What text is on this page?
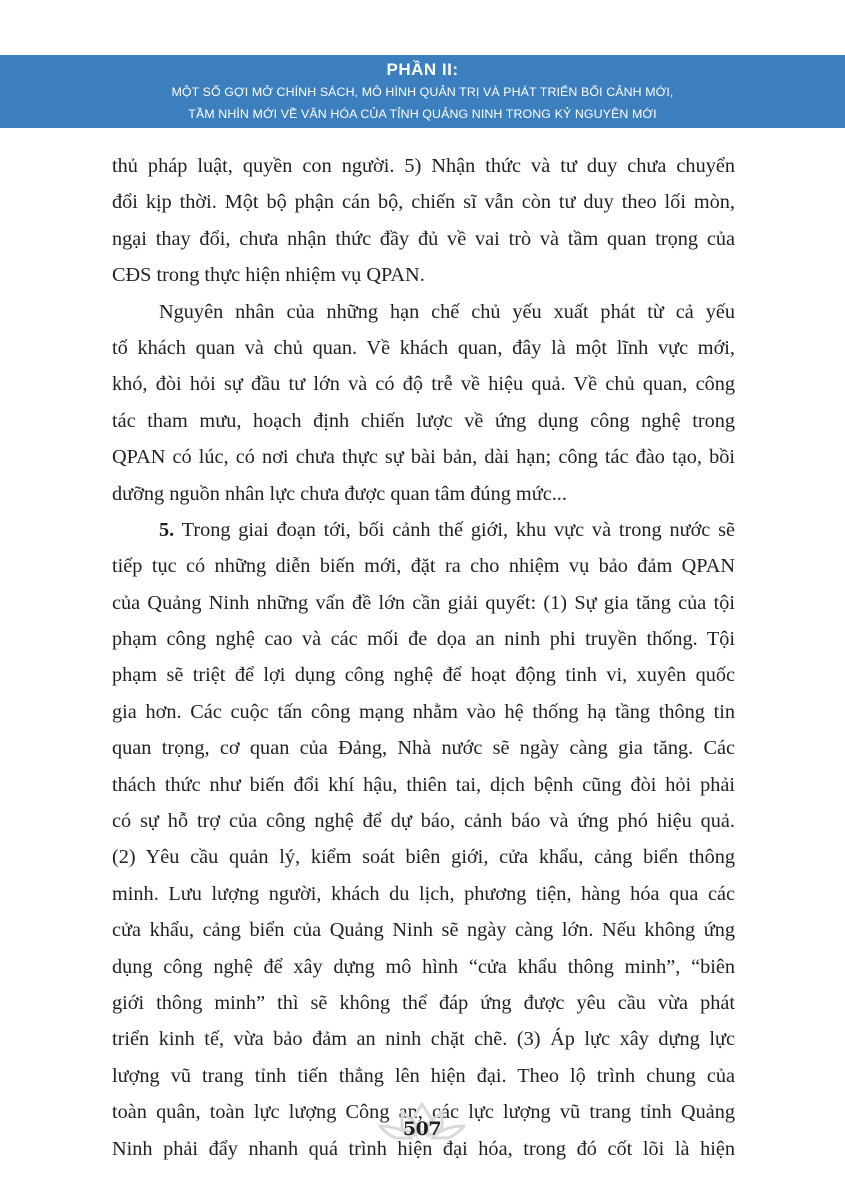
PHẦN II:
MỘT SỐ GỢI MỞ CHÍNH SÁCH, MÔ HÌNH QUẢN TRỊ VÀ PHÁT TRIỂN BỐI CẢNH MỚI,
TẦM NHÌN MỚI VỀ VĂN HÓA CỦA TỈNH QUẢNG NINH TRONG KỶ NGUYÊN MỚI
thủ pháp luật, quyền con người. 5) Nhận thức và tư duy chưa chuyển
đổi kịp thời. Một bộ phận cán bộ, chiến sĩ vẫn còn tư duy theo lối mòn,
ngại thay đổi, chưa nhận thức đầy đủ về vai trò và tầm quan trọng của
CĐS trong thực hiện nhiệm vụ QPAN.
Nguyên nhân của những hạn chế chủ yếu xuất phát từ cả yếu
tố khách quan và chủ quan. Về khách quan, đây là một lĩnh vực mới,
khó, đòi hỏi sự đầu tư lớn và có độ trễ về hiệu quả. Về chủ quan, công
tác tham mưu, hoạch định chiến lược về ứng dụng công nghệ trong
QPAN có lúc, có nơi chưa thực sự bài bản, dài hạn; công tác đào tạo, bồi
dưỡng nguồn nhân lực chưa được quan tâm đúng mức...
5. Trong giai đoạn tới, bối cảnh thế giới, khu vực và trong nước sẽ
tiếp tục có những diễn biến mới, đặt ra cho nhiệm vụ bảo đảm QPAN
của Quảng Ninh những vấn đề lớn cần giải quyết: (1) Sự gia tăng của tội
phạm công nghệ cao và các mối đe dọa an ninh phi truyền thống. Tội
phạm sẽ triệt để lợi dụng công nghệ để hoạt động tinh vi, xuyên quốc
gia hơn. Các cuộc tấn công mạng nhằm vào hệ thống hạ tầng thông tin
quan trọng, cơ quan của Đảng, Nhà nước sẽ ngày càng gia tăng. Các
thách thức như biến đổi khí hậu, thiên tai, dịch bệnh cũng đòi hỏi phải
có sự hỗ trợ của công nghệ để dự báo, cảnh báo và ứng phó hiệu quả.
(2) Yêu cầu quản lý, kiểm soát biên giới, cửa khẩu, cảng biển thông
minh. Lưu lượng người, khách du lịch, phương tiện, hàng hóa qua các
cửa khẩu, cảng biển của Quảng Ninh sẽ ngày càng lớn. Nếu không ứng
dụng công nghệ để xây dựng mô hình “cửa khẩu thông minh”, “biên
giới thông minh” thì sẽ không thể đáp ứng được yêu cầu vừa phát
triển kinh tế, vừa bảo đảm an ninh chặt chẽ. (3) Áp lực xây dựng lực
lượng vũ trang tỉnh tiến thẳng lên hiện đại. Theo lộ trình chung của
toàn quân, toàn lực lượng Công an, các lực lượng vũ trang tỉnh Quảng
Ninh phải đẩy nhanh quá trình hiện đại hóa, trong đó cốt lõi là hiện
507
